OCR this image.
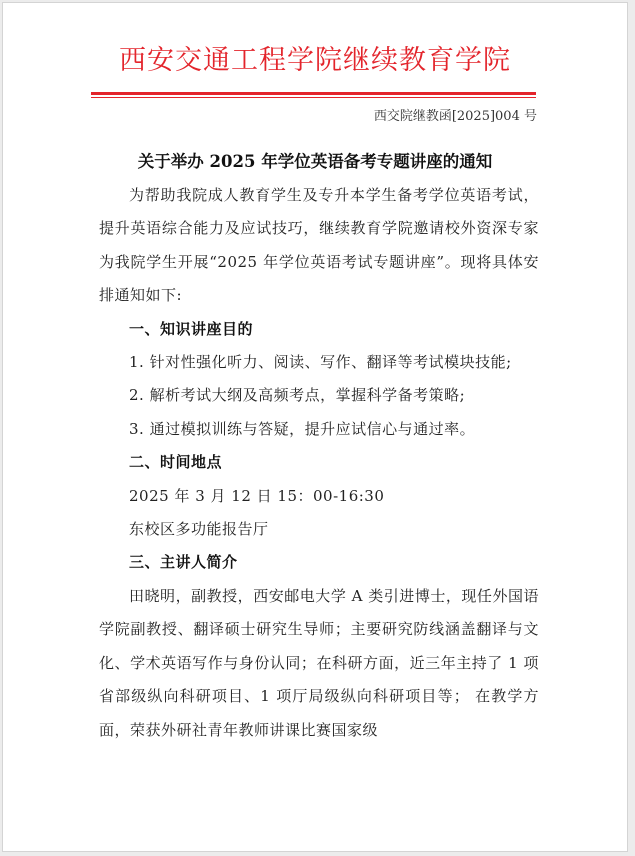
西安交通工程学院继续教育学院
西交院继教函[2025]004 号
关于举办 2025 年学位英语备考专题讲座的通知

为帮助我院成人教育学生及专升本学生备考学位英语考试，提升英语综合能力及应试技巧，继续教育学院邀请校外资深专家为我院学生开展“2025 年学位英语考试专题讲座”。现将具体安排通知如下:

一、知识讲座目的

1. 针对性强化听力、阅读、写作、翻译等考试模块技能;

2. 解析考试大纲及高频考点，掌握科学备考策略;

3. 通过模拟训练与答疑，提升应试信心与通过率。

二、时间地点

2025 年 3 月 12 日 15：00-16:30

东校区多功能报告厅

三、主讲人简介

田晓明，副教授，西安邮电大学 A 类引进博士，现任外国语学院副教授、翻译硕士研究生导师；主要研究防线涵盖翻译与文化、学术英语写作与身份认同；在科研方面，近三年主持了 1 项省部级纵向科研项目、1 项厅局级纵向科研项目等； 在教学方面，荣获外研社青年教师讲课比赛国家级
